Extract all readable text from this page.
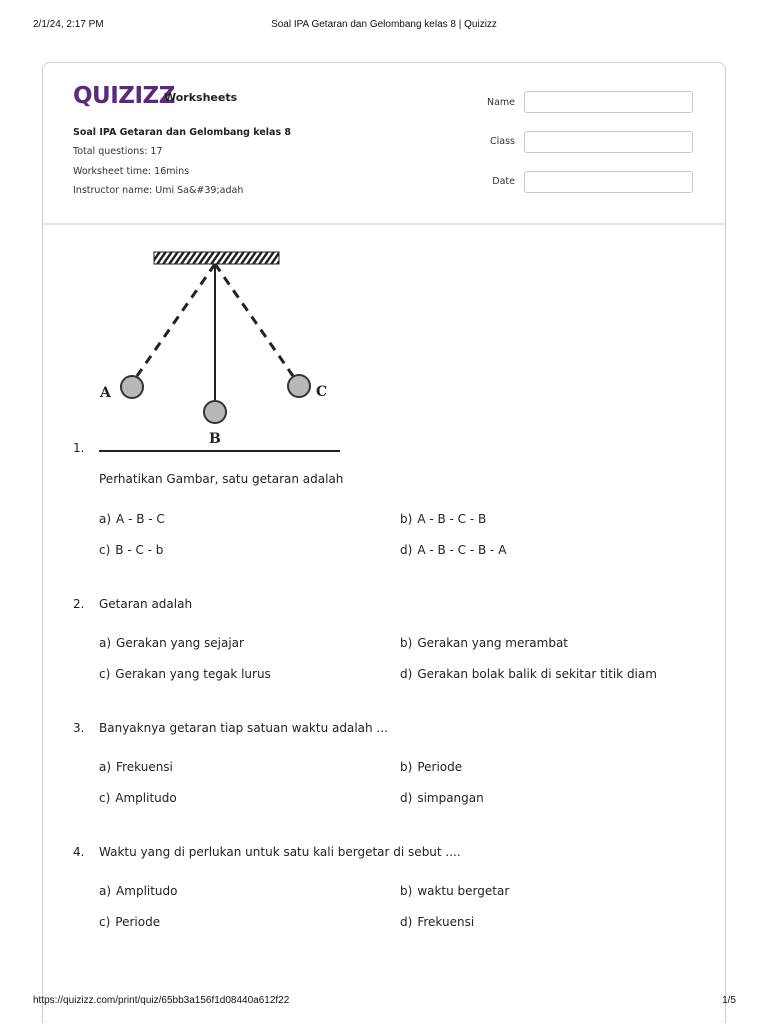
2/1/24, 2:17 PM	Soal IPA Getaran dan Gelombang kelas 8 | Quizizz
QUIZIZZ
Worksheets
Soal IPA Getaran dan Gelombang kelas 8
Total questions: 17
Worksheet time: 16mins
Instructor name: Umi Sa&#39;adah
Name
Class
Date
A	C
B
1.
Perhatikan Gambar, satu getaran adalah
a) A - B - C	b) A - B - C - B
c) B - C - b	d) A - B - C - B - A
2. Getaran adalah
a) Gerakan yang sejajar	b) Gerakan yang merambat
c) Gerakan yang tegak lurus	d) Gerakan bolak balik di sekitar titik diam
3. Banyaknya getaran tiap satuan waktu adalah ...
a) Frekuensi	b) Periode
c) Amplitudo	d) simpangan
4. Waktu yang di perlukan untuk satu kali bergetar di sebut ....
a) Amplitudo	b) waktu bergetar
c) Periode	d) Frekuensi
https://quizizz.com/print/quiz/65bb3a156f1d08440a612f22	1/5
